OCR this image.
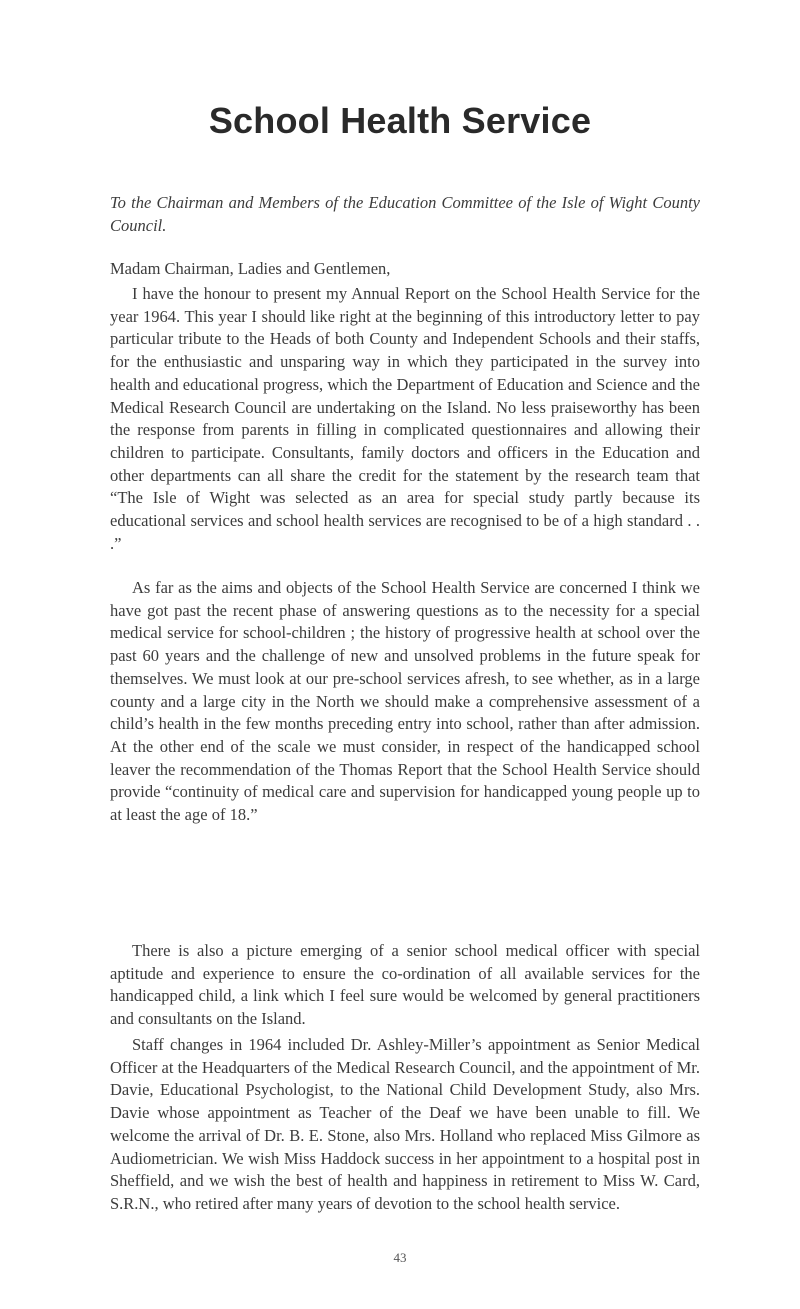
School Health Service
To the Chairman and Members of the Education Committee of the Isle of Wight County Council.
Madam Chairman, Ladies and Gentlemen,
I have the honour to present my Annual Report on the School Health Service for the year 1964. This year I should like right at the beginning of this introductory letter to pay particular tribute to the Heads of both County and Independent Schools and their staffs, for the enthusiastic and unsparing way in which they participated in the survey into health and educational progress, which the Department of Education and Science and the Medical Research Council are undertaking on the Island. No less praiseworthy has been the response from parents in filling in complicated questionnaires and allowing their children to participate. Consultants, family doctors and officers in the Education and other departments can all share the credit for the statement by the research team that “The Isle of Wight was selected as an area for special study partly because its educational services and school health services are recognised to be of a high standard . . .”
As far as the aims and objects of the School Health Service are concerned I think we have got past the recent phase of answering questions as to the necessity for a special medical service for school-children ; the history of progressive health at school over the past 60 years and the challenge of new and unsolved problems in the future speak for themselves. We must look at our pre-school services afresh, to see whether, as in a large county and a large city in the North we should make a comprehensive assessment of a child’s health in the few months preceding entry into school, rather than after admission. At the other end of the scale we must consider, in respect of the handicapped school leaver the recommendation of the Thomas Report that the School Health Service should provide “continuity of medical care and supervision for handicapped young people up to at least the age of 18.”
There is also a picture emerging of a senior school medical officer with special aptitude and experience to ensure the co-ordination of all available services for the handicapped child, a link which I feel sure would be welcomed by general practitioners and consultants on the Island.
Staff changes in 1964 included Dr. Ashley-Miller’s appointment as Senior Medical Officer at the Headquarters of the Medical Research Council, and the appointment of Mr. Davie, Educational Psychologist, to the National Child Development Study, also Mrs. Davie whose appointment as Teacher of the Deaf we have been unable to fill. We welcome the arrival of Dr. B. E. Stone, also Mrs. Holland who replaced Miss Gilmore as Audiometrician. We wish Miss Haddock success in her appointment to a hospital post in Sheffield, and we wish the best of health and happiness in retirement to Miss W. Card, S.R.N., who retired after many years of devotion to the school health service.
43
